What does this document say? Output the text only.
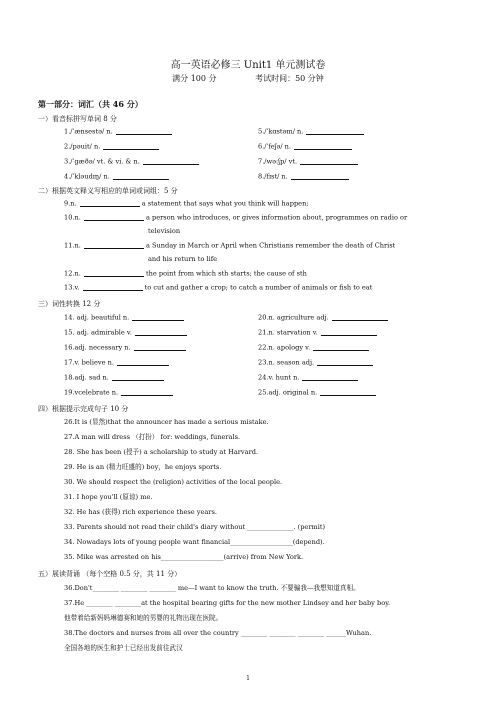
高一英语必修三 Unit1 单元测试卷
满分 100 分	考试时间：50 分钟
第一部分：词汇（共 46 分）
一）看音标拼写单词 8 分
1./ˈænsestə/ n.	5./ˈkɑstəm/ n.
2./pəuit/ n.	6./ˈfeʃə/ n.
3./ˈgæðə/ vt. & vi. & n.	7./wə:ʃp/ vt.
4./ˈkləudɪŋ/ n.	8./fɪst/ n.
二）根据英文释义写相应的单词或词组：5 分
9.n.	a statement that says what you think will happen;
10.n.	a person who introduces, or gives information about, programmes on radio or
television
11.n.	a Sunday in March or April when Christians remember the death of Christ
and his return to life
12.n.	the point from which sth starts; the cause of sth
13.v.	to cut and gather a crop; to catch a number of animals or fish to eat
三）词性转换 12 分
14. adj. beautiful n.	20.n. agriculture adj.
15. adj. admirable v.	21.n. starvation v.
16.adj. necessary n.	22.n. apology v.
17.v. believe n.	23.n. season adj.
18.adj. sad n.	24.v. hunt n.
19.vcelebrate n.	25.adj. original n.
四）根据提示完成句子 10 分
26.It is (显然)that the announcer has made a serious mistake.
27.A man will dress （打扮） for: weddings, funerals.
28. She has been (授予) a scholarship to study at Harvard.
29. He is an (精力旺盛的) boy，he enjoys sports.
30. We should respect the (religion) activities of the local people.
31. I hope you'll (原谅) me.
32. He has (获得) rich experience these years.
33. Parents should not read their child's diary without ______________. (permit)
34. Nowadays lots of young people want financial___________________(depend).
35. Mike was arrested on his___________________(arrive) from New York.
五）展读背诵 （每个空格 0.5 分，共 11 分）
36.Don't________ ________ ________ me—I want to know the truth. 不要骗我—我想知道真相。
37.He ________ ________at the hospital bearing gifts for the new mother Lindsey and her baby boy.
他带着给新妈妈琳德赛和她的男婴的礼物出现在医院。
38.The doctors and nurses from all over the country ________ ________ ________ ______Wuhan.
全国各地的医生和护士已经出发前往武汉
1
